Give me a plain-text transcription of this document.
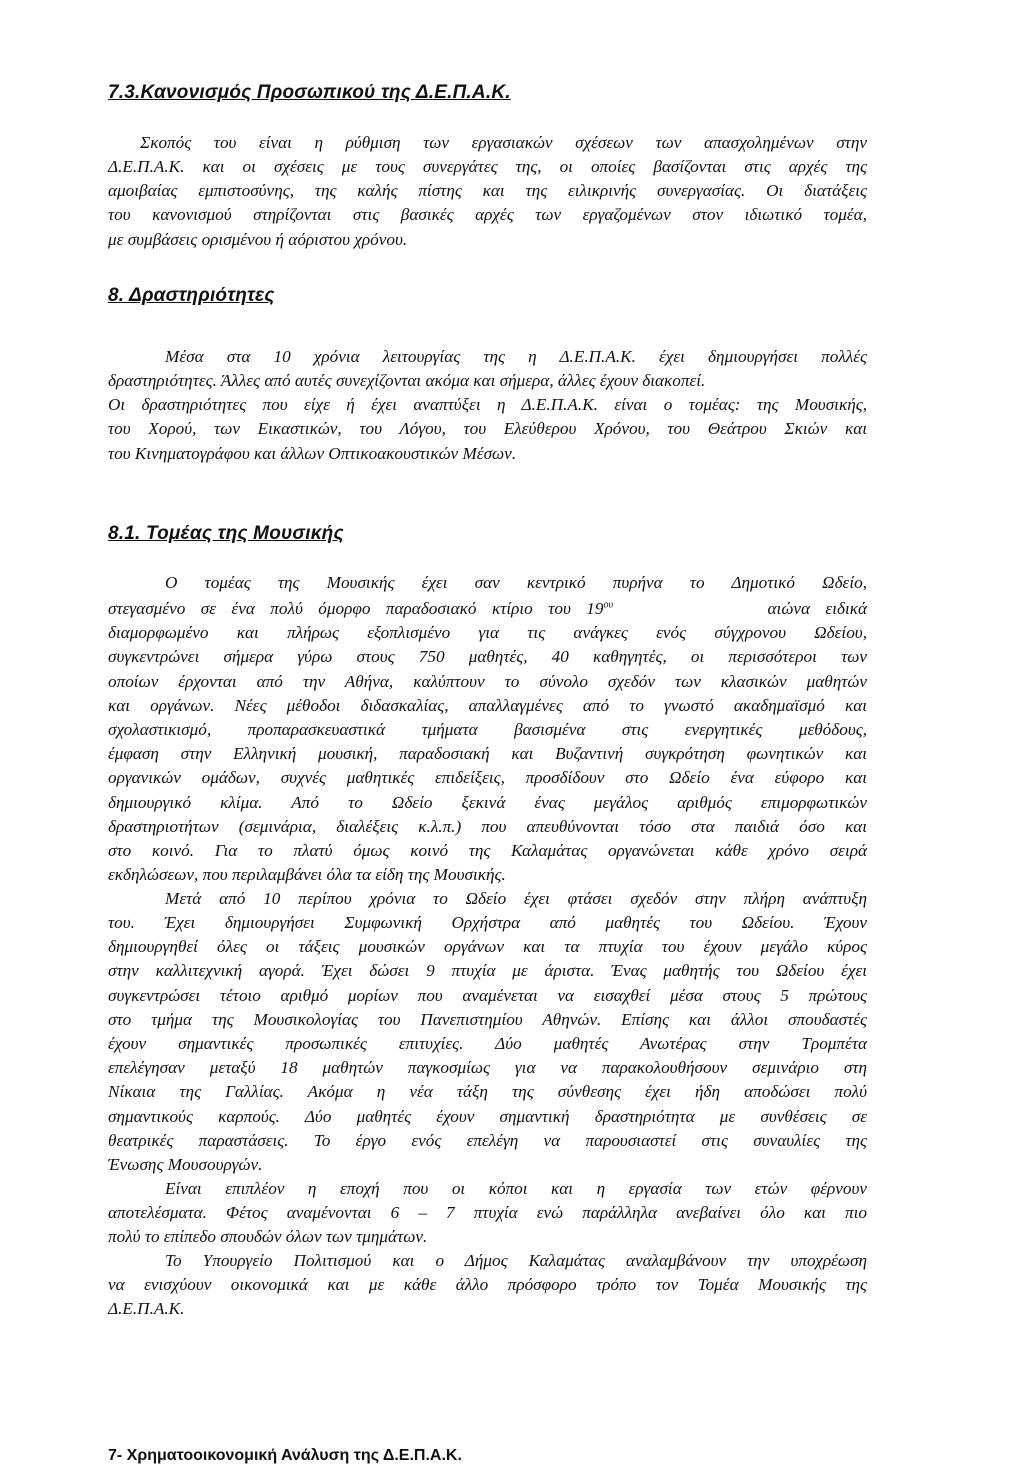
7.3.Κανονισμός Προσωπικού της Δ.Ε.Π.Α.Κ.
Σκοπός του είναι η ρύθμιση των εργασιακών σχέσεων των απασχολημένων στην
Δ.Ε.Π.Α.Κ. και οι σχέσεις με τους συνεργάτες της, οι οποίες βασίζονται στις αρχές της
αμοιβαίας εμπιστοσύνης, της καλής πίστης και της ειλικρινής συνεργασίας. Οι διατάξεις
του κανονισμού στηρίζονται στις βασικές αρχές των εργαζομένων στον ιδιωτικό τομέα,
με συμβάσεις ορισμένου ή αόριστου χρόνου.
8. Δραστηριότητες
Μέσα στα 10 χρόνια λειτουργίας της η Δ.Ε.Π.Α.Κ. έχει δημιουργήσει πολλές
δραστηριότητες. Άλλες από αυτές συνεχίζονται ακόμα και σήμερα, άλλες έχουν διακοπεί.
Οι δραστηριότητες που είχε ή έχει αναπτύξει η Δ.Ε.Π.Α.Κ. είναι ο τομέας: της Μουσικής,
του Χορού, των Εικαστικών, του Λόγου, του Ελεύθερου Χρόνου, του Θεάτρου Σκιών και
του Κινηματογράφου και άλλων Οπτικοακουστικών Μέσων.
8.1. Τομέας της Μουσικής
Ο τομέας της Μουσικής έχει σαν κεντρικό πυρήνα το Δημοτικό Ωδείο,
στεγασμένο σε ένα πολύ όμορφο παραδοσιακό κτίριο του $19^{o\upsilon}$	αιώνα ειδικά
διαμορφωμένο και πλήρως εξοπλισμένο για τις ανάγκες ενός σύγχρονου Ωδείου,
συγκεντρώνει σήμερα γύρω στους 750 μαθητές, 40 καθηγητές, οι περισσότεροι των
οποίων έρχονται από την Αθήνα, καλύπτουν το σύνολο σχεδόν των κλασικών μαθητών
και οργάνων. Νέες μέθοδοι διδασκαλίας, απαλλαγμένες από το γνωστό ακαδημαϊσμό και
σχολαστικισμό, προπαρασκευαστικά τμήματα βασισμένα στις ενεργητικές μεθόδους,
έμφαση στην Ελληνική μουσική, παραδοσιακή και Βυζαντινή συγκρότηση φωνητικών και
οργανικών ομάδων, συχνές μαθητικές επιδείξεις, προσδίδουν στο Ωδείο ένα εύφορο και
δημιουργικό κλίμα. Από το Ωδείο ξεκινά ένας μεγάλος αριθμός επιμορφωτικών
δραστηριοτήτων (σεμινάρια, διαλέξεις κ.λ.π.) που απευθύνονται τόσο στα παιδιά όσο και
στο κοινό. Για το πλατύ όμως κοινό της Καλαμάτας οργανώνεται κάθε χρόνο σειρά
εκδηλώσεων, που περιλαμβάνει όλα τα είδη της Μουσικής.
Μετά από 10 περίπου χρόνια το Ωδείο έχει φτάσει σχεδόν στην πλήρη ανάπτυξη
του. Έχει δημιουργήσει Συμφωνική Ορχήστρα από μαθητές του Ωδείου. Έχουν
δημιουργηθεί όλες οι τάξεις μουσικών οργάνων και τα πτυχία του έχουν μεγάλο κύρος
στην καλλιτεχνική αγορά. Έχει δώσει 9 πτυχία με άριστα. Ένας μαθητής του Ωδείου έχει
συγκεντρώσει τέτοιο αριθμό μορίων που αναμένεται να εισαχθεί μέσα στους 5 πρώτους
στο τμήμα της Μουσικολογίας του Πανεπιστημίου Αθηνών. Επίσης και άλλοι σπουδαστές
έχουν σημαντικές προσωπικές επιτυχίες. Δύο μαθητές Ανωτέρας στην Τρομπέτα
επελέγησαν μεταξύ 18 μαθητών παγκοσμίως για να παρακολουθήσουν σεμινάριο στη
Νίκαια της Γαλλίας. Ακόμα η νέα τάξη της σύνθεσης έχει ήδη αποδώσει πολύ
σημαντικούς καρπούς. Δύο μαθητές έχουν σημαντική δραστηριότητα με συνθέσεις σε
θεατρικές παραστάσεις. Το έργο ενός επελέγη να παρουσιαστεί στις συναυλίες της
Ένωσης Μουσουργών.
Είναι επιπλέον η εποχή που οι κόποι και η εργασία των ετών φέρνουν
αποτελέσματα. Φέτος αναμένονται 6 – 7 πτυχία ενώ παράλληλα ανεβαίνει όλο και πιο
πολύ το επίπεδο σπουδών όλων των τμημάτων.
Το Υπουργείο Πολιτισμού και ο Δήμος Καλαμάτας αναλαμβάνουν την υποχρέωση
να ενισχύουν οικονομικά και με κάθε άλλο πρόσφορο τρόπο τον Τομέα Μουσικής της
Δ.Ε.Π.Α.Κ.

7- Χρηματοοικονομική Ανάλυση της Δ.Ε.Π.Α.Κ.
